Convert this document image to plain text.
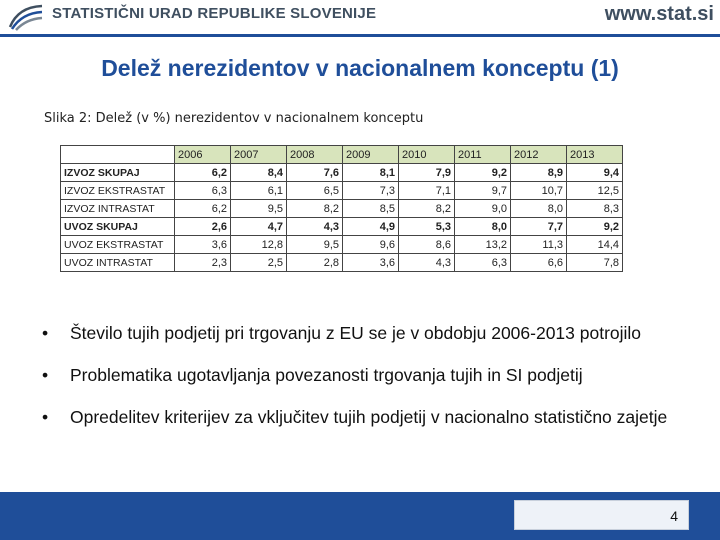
STATISTIČNI URAD REPUBLIKE SLOVENIJE	www.stat.si
Delež nerezidentov v nacionalnem konceptu (1)
Slika 2: Delež (v %) nerezidentov v nacionalnem konceptu
	2006	2007	2008	2009	2010	2011	2012	2013
IZVOZ SKUPAJ	6,2	8,4	7,6	8,1	7,9	9,2	8,9	9,4
IZVOZ EKSTRASTAT	6,3	6,1	6,5	7,3	7,1	9,7	10,7	12,5
IZVOZ INTRASTAT	6,2	9,5	8,2	8,5	8,2	9,0	8,0	8,3
UVOZ SKUPAJ	2,6	4,7	4,3	4,9	5,3	8,0	7,7	9,2
UVOZ EKSTRASTAT	3,6	12,8	9,5	9,6	8,6	13,2	11,3	14,4
UVOZ INTRASTAT	2,3	2,5	2,8	3,6	4,3	6,3	6,6	7,8
• Število tujih podjetij pri trgovanju z EU se je v obdobju 2006-2013 potrojilo
• Problematika ugotavljanja povezanosti trgovanja tujih in SI podjetij
• Opredelitev kriterijev za vključitev tujih podjetij v nacionalno statistično zajetje
4
